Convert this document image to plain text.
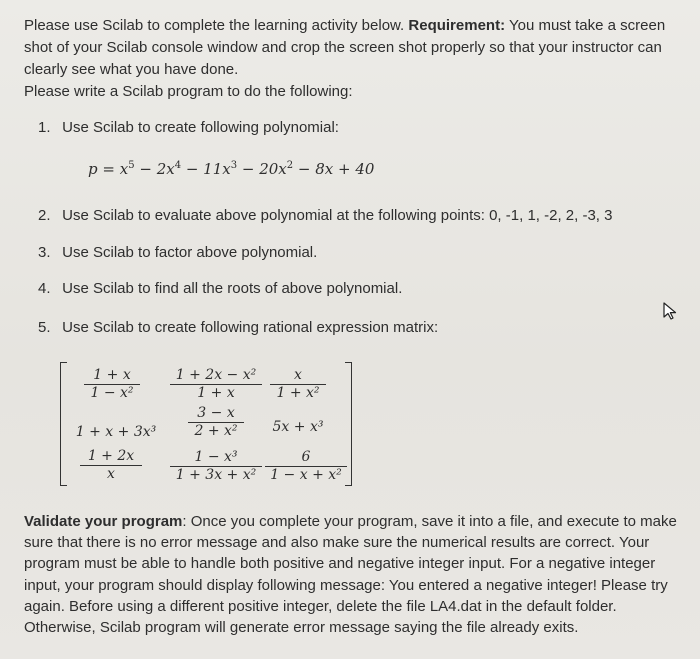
Please use Scilab to complete the learning activity below. Requirement: You must take a screen shot of your Scilab console window and crop the screen shot properly so that your instructor can clearly see what you have done.
Please write a Scilab program to do the following:

1. Use Scilab to create following polynomial:

$p = x^5 - 2x^4 - 11x^3 - 20x^2 - 8x + 40$

2. Use Scilab to evaluate above polynomial at the following points: 0, -1, 1, -2, 2, -3, 3

3. Use Scilab to factor above polynomial.

4. Use Scilab to find all the roots of above polynomial.

5. Use Scilab to create following rational expression matrix:

$\frac{1 + x}{\text{1 − x²}} \frac{\text{1 + 2x − x²}}{1 + x} \frac{x}{\text{1 + x²}}$
1 + x + 3x³	$\frac{3 - x}{\text{2 + x²}}$	5x + x³
$\frac{1 + 2x}{x} \frac{\text{1 − x³}}{\text{1 + 3x + x²}} \frac{6}{\text{1 − x + x²}}$

Validate your program: Once you complete your program, save it into a file, and execute to make sure that there is no error message and also make sure the numerical results are correct. Your program must be able to handle both positive and negative integer input. For a negative integer input, your program should display following message: You entered a negative integer! Please try again. Before using a different positive integer, delete the file LA4.dat in the default folder. Otherwise, Scilab program will generate error message saying the file already exits.
